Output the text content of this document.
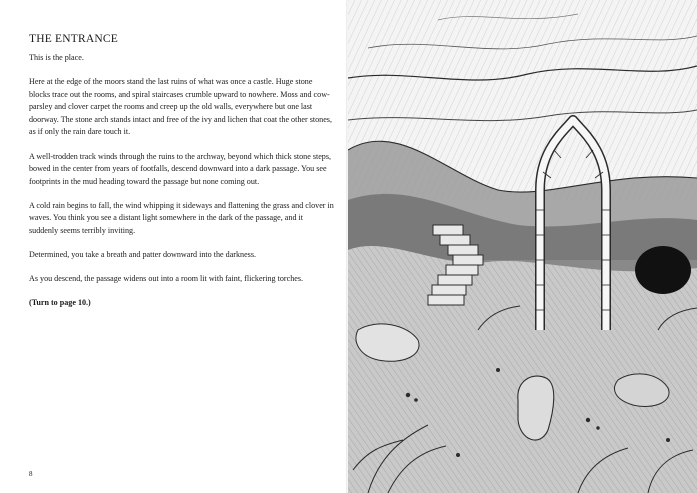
THE ENTRANCE

This is the place.

Here at the edge of the moors stand the last ruins of what was once a castle. Huge stone blocks trace out the rooms, and spiral staircases crumble upward to nowhere. Moss and cow-parsley and clover carpet the rooms and creep up the old walls, everywhere but one last doorway. The stone arch stands intact and free of the ivy and lichen that coat the other stones, as if only the rain dare touch it.

A well-trodden track winds through the ruins to the archway, beyond which thick stone steps, bowed in the center from years of footfalls, descend downward into a dark passage. You see footprints in the mud heading toward the passage but none coming out.

A cold rain begins to fall, the wind whipping it sideways and flattening the grass and clover in waves. You think you see a distant light somewhere in the dark of the passage, and it suddenly seems terribly inviting.

Determined, you take a breath and patter downward into the darkness.

As you descend, the passage widens out into a room lit with faint, flickering torches.

(Turn to page 10.)

8
